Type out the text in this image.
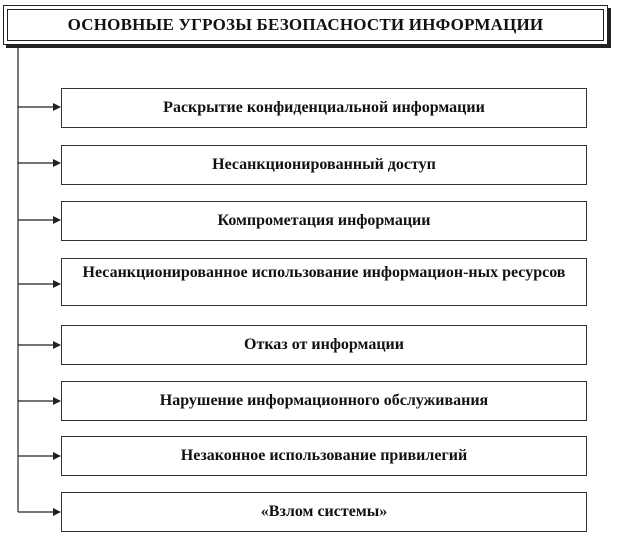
ОСНОВНЫЕ УГРОЗЫ БЕЗОПАСНОСТИ ИНФОРМАЦИИ
Раскрытие конфиденциальной информации
Несанкционированный доступ
Компрометация информации
Несанкционированное использование информацион-ных ресурсов
Отказ от информации
Нарушение информационного обслуживания
Незаконное использование привилегий
«Взлом системы»
